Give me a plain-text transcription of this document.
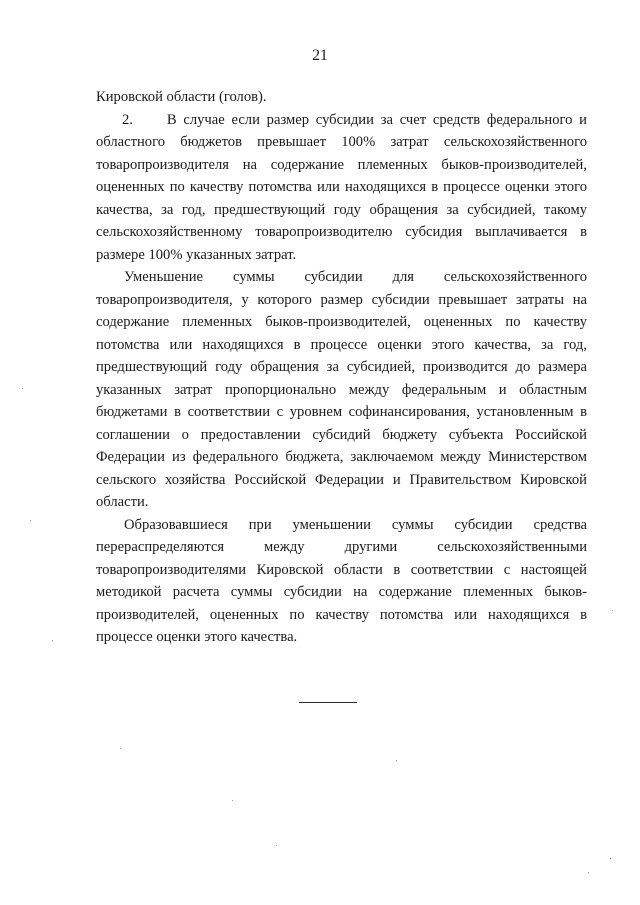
21

Кировской области (голов).

2.     В случае если размер субсидии за счет средств федерального и областного бюджетов превышает 100% затрат сельскохозяйственного товаропроизводителя на содержание племенных быков-производителей, оцененных по качеству потомства или находящихся в процессе оценки этого качества, за год, предшествующий году обращения за субсидией, такому сельскохозяйственному товаропроизводителю субсидия выплачивается в размере 100% указанных затрат.

Уменьшение суммы субсидии для сельскохозяйственного товаропроизводителя, у которого размер субсидии превышает затраты на содержание племенных быков-производителей, оцененных по качеству потомства или находящихся в процессе оценки этого качества, за год, предшествующий году обращения за субсидией, производится до размера указанных затрат пропорционально между федеральным и областным бюджетами в соответствии с уровнем софинансирования, установленным в соглашении о предоставлении субсидий бюджету субъекта Российской Федерации из федерального бюджета, заключаемом между Министерством сельского хозяйства Российской Федерации и Правительством Кировской области.

Образовавшиеся при уменьшении суммы субсидии средства перераспределяются между другими сельскохозяйственными товаропроизводителями Кировской области в соответствии с настоящей методикой расчета суммы субсидии на содержание племенных быков-производителей, оцененных по качеству потомства или находящихся в процессе оценки этого качества.
